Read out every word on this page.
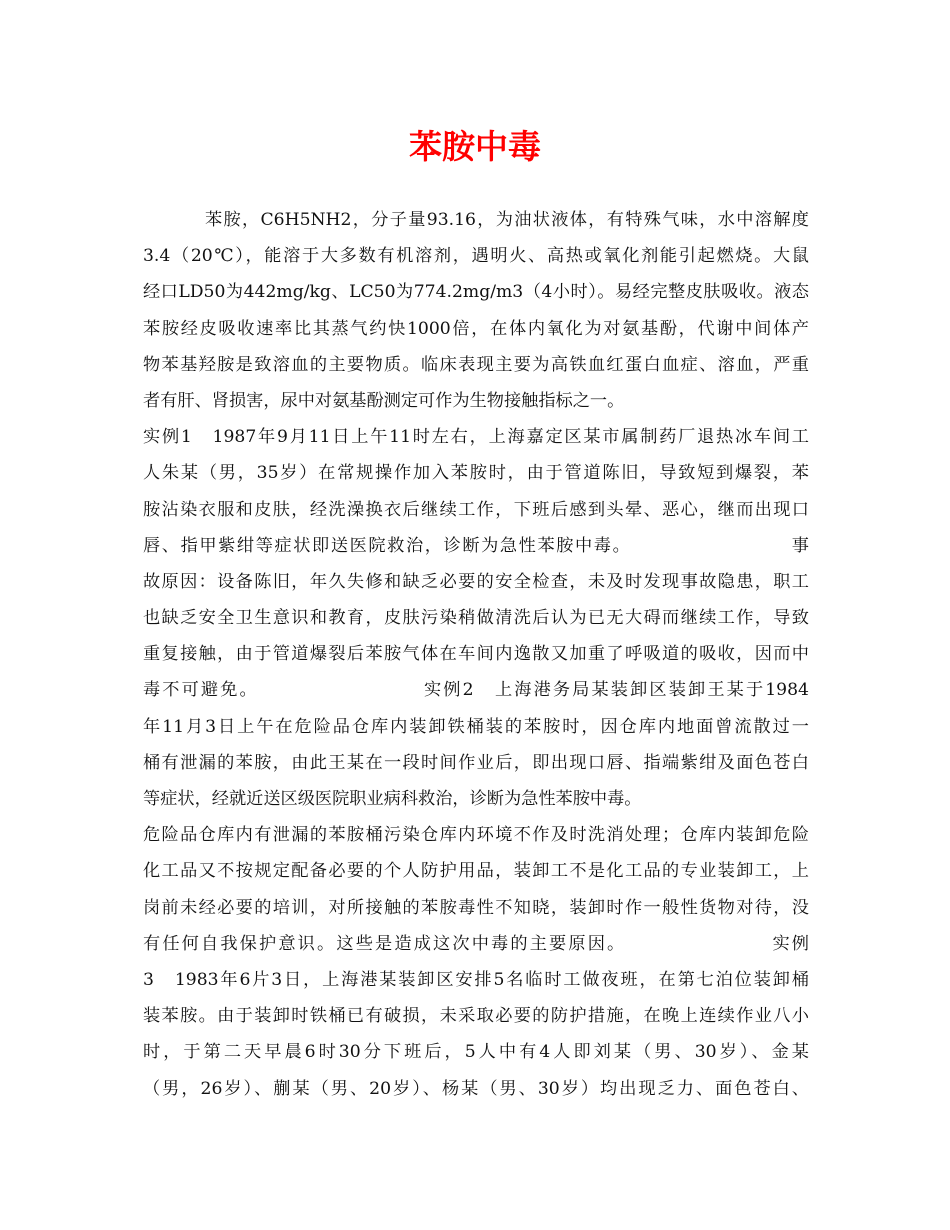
苯胺中毒
苯胺，C6H5NH2，分子量93.16，为油状液体，有特殊气味，水中溶解度
3.4（20℃），能溶于大多数有机溶剂，遇明火、高热或氧化剂能引起燃烧。大鼠
经口LD50为442mg/kg、LC50为774.2mg/m3（4小时）。易经完整皮肤吸收。液态
苯胺经皮吸收速率比其蒸气约快1000倍，在体内氧化为对氨基酚，代谢中间体产
物苯基羟胺是致溶血的主要物质。临床表现主要为高铁血红蛋白血症、溶血，严重
者有肝、肾损害，尿中对氨基酚测定可作为生物接触指标之一。
实例1　1987年9月11日上午11时左右，上海嘉定区某市属制药厂退热冰车间工
人朱某（男，35岁）在常规操作加入苯胺时，由于管道陈旧，导致短到爆裂，苯
胺沾染衣服和皮肤，经洗澡换衣后继续工作，下班后感到头晕、恶心，继而出现口
唇、指甲紫绀等症状即送医院救治，诊断为急性苯胺中毒。　　　　　　　　　事
故原因：设备陈旧，年久失修和缺乏必要的安全检查，未及时发现事故隐患，职工
也缺乏安全卫生意识和教育，皮肤污染稍做清洗后认为已无大碍而继续工作，导致
重复接触，由于管道爆裂后苯胺气体在车间内逸散又加重了呼吸道的吸收，因而中
毒不可避免。　　　　　　　　　实例2　上海港务局某装卸区装卸王某于1984
年11月3日上午在危险品仓库内装卸铁桶装的苯胺时，因仓库内地面曾流散过一
桶有泄漏的苯胺，由此王某在一段时间作业后，即出现口唇、指端紫绀及面色苍白
等症状，经就近送区级医院职业病科救治，诊断为急性苯胺中毒。
危险品仓库内有泄漏的苯胺桶污染仓库内环境不作及时洗消处理；仓库内装卸危险
化工品又不按规定配备必要的个人防护用品，装卸工不是化工品的专业装卸工，上
岗前未经必要的培训，对所接触的苯胺毒性不知晓，装卸时作一般性货物对待，没
有任何自我保护意识。这些是造成这次中毒的主要原因。　　　　　　　　实例
3　1983年6片3日，上海港某装卸区安排5名临时工做夜班，在第七泊位装卸桶
装苯胺。由于装卸时铁桶已有破损，未采取必要的防护措施，在晚上连续作业八小
时，于第二天早晨6时30分下班后，5人中有4人即刘某（男、30岁）、金某
（男，26岁）、蒯某（男、20岁）、杨某（男、30岁）均出现乏力、面色苍白、
